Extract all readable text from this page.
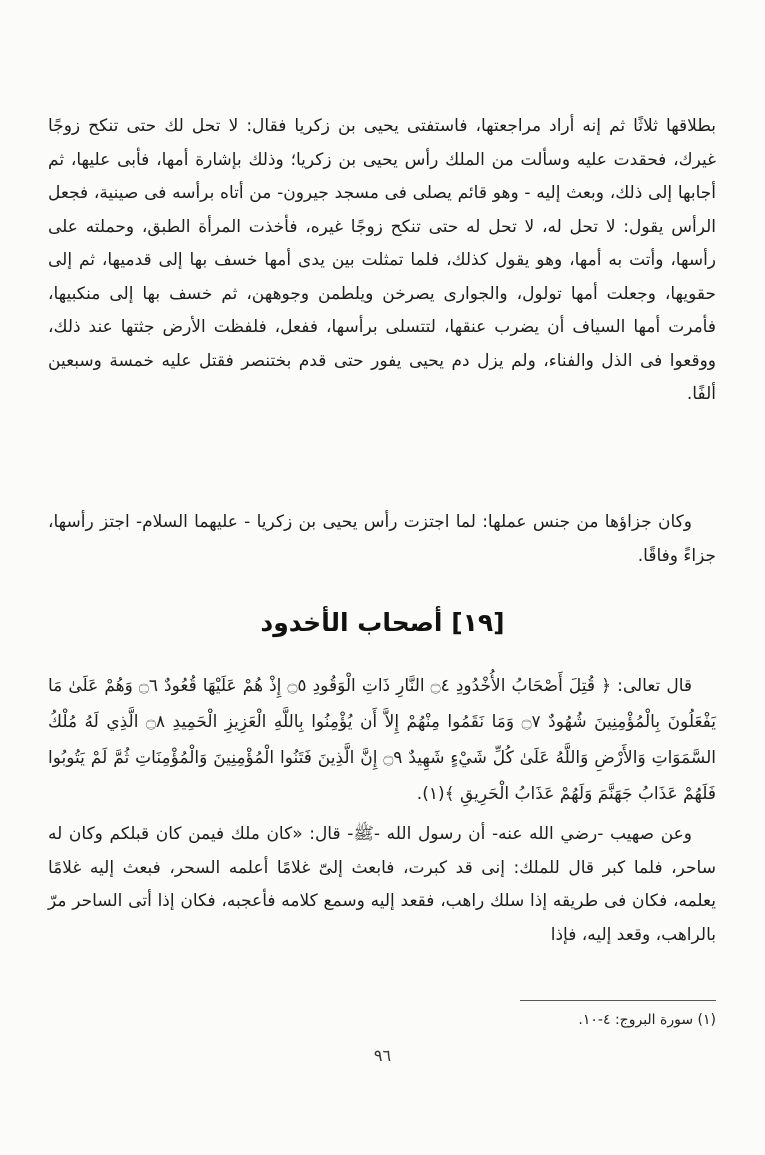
بطلاقها ثلاثًا ثم إنه أراد مراجعتها، فاستفتى يحيى بن زكريا فقال: لا تحل لك حتى تنكح زوجًا غيرك، فحقدت عليه وسألت من الملك رأس يحيى بن زكريا؛ وذلك بإشارة أمها، فأبى عليها، ثم أجابها إلى ذلك، وبعث إليه - وهو قائم يصلى فى مسجد جيرون- من أتاه برأسه فى صينية، فجعل الرأس يقول: لا تحل له، لا تحل له حتى تنكح زوجًا غيره، فأخذت المرأة الطبق، وحملته على رأسها، وأتت به أمها، وهو يقول كذلك، فلما تمثلت بين يدى أمها خسف بها إلى قدميها، ثم إلى حقويها، وجعلت أمها تولول، والجوارى يصرخن ويلطمن وجوههن، ثم خسف بها إلى منكبيها، فأمرت أمها السياف أن يضرب عنقها، لتتسلى برأسها، ففعل، فلفظت الأرض جثتها عند ذلك، ووقعوا فى الذل والفناء، ولم يزل دم يحيى يفور حتى قدم بختنصر فقتل عليه خمسة وسبعين ألفًا.

وكان جزاؤها من جنس عملها: لما اجتزت رأس يحيى بن زكريا - عليهما السلام- اجتز رأسها، جزاءً وفاقًا.

[١٩] أصحاب الأخدود

قال تعالى: ﴿ قُتِلَ أَصْحَابُ الأُخْدُودِ ۝٤ النَّارِ ذَاتِ الْوَقُودِ ۝٥ إِذْ هُمْ عَلَيْهَا قُعُودٌ ۝٦ وَهُمْ عَلَىٰ مَا يَفْعَلُونَ بِالْمُؤْمِنِينَ شُهُودٌ ۝٧ وَمَا نَقَمُوا مِنْهُمْ إِلاَّ أَن يُؤْمِنُوا بِاللَّهِ الْعَزِيزِ الْحَمِيدِ ۝٨ الَّذِي لَهُ مُلْكُ السَّمَوَاتِ وَالأَرْضِ وَاللَّهُ عَلَىٰ كُلِّ شَيْءٍ شَهِيدٌ ۝٩ إِنَّ الَّذِينَ فَتَنُوا الْمُؤْمِنِينَ وَالْمُؤْمِنَاتِ ثُمَّ لَمْ يَتُوبُوا فَلَهُمْ عَذَابُ جَهَنَّمَ وَلَهُمْ عَذَابُ الْحَرِيقِ ﴾(١).

وعن صهيب -رضي الله عنه- أن رسول الله -ﷺ- قال: «كان ملك فيمن كان قبلكم وكان له ساحر، فلما كبر قال للملك: إنى قد كبرت، فابعث إلىّ غلامًا أعلمه السحر، فبعث إليه غلامًا يعلمه، فكان فى طريقه إذا سلك راهب، فقعد إليه وسمع كلامه فأعجبه، فكان إذا أتى الساحر مرّ بالراهب، وقعد إليه، فإذا

(١) سورة البروج: ٤-١٠.
٩٦
